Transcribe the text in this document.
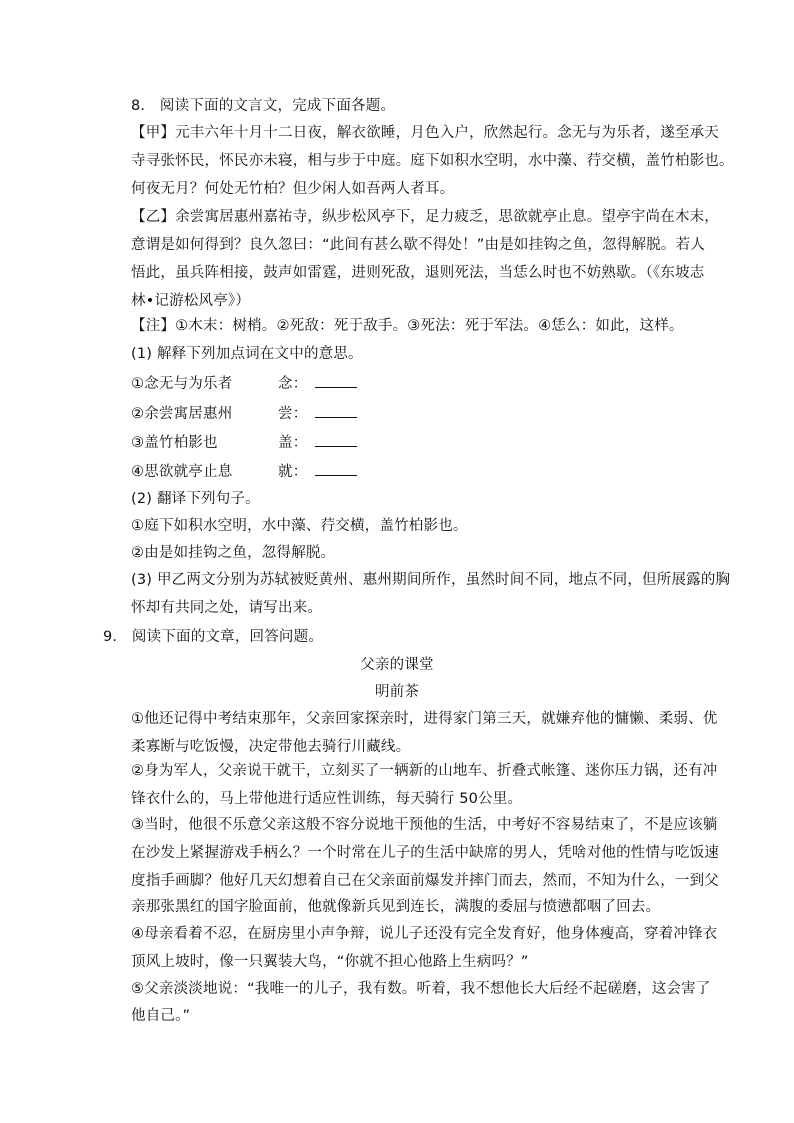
8.　阅读下面的文言文，完成下面各题。
【甲】元丰六年十月十二日夜，解衣欲睡，月色入户，欣然起行。念无与为乐者，遂至承天
寺寻张怀民，怀民亦未寝，相与步于中庭。庭下如积水空明，水中藻、荇交横，盖竹柏影也。
何夜无月？何处无竹柏？但少闲人如吾两人者耳。
【乙】余尝寓居惠州嘉祐寺，纵步松风亭下，足力疲乏，思欲就亭止息。望亭宇尚在木末，
意谓是如何得到？良久忽曰：“此间有甚么歇不得处！”由是如挂钩之鱼，忽得解脱。若人
悟此，虽兵阵相接，鼓声如雷霆，进则死敌，退则死法，当恁么时也不妨熟歇。（《东坡志
林•记游松风亭》）
【注】①木末：树梢。②死敌：死于敌手。③死法：死于军法。④恁么：如此，这样。
(1) 解释下列加点词在文中的意思。
①念无与为乐者	念：
②余尝寓居惠州	尝：
③盖竹柏影也	盖：
④思欲就亭止息	就：
(2) 翻译下列句子。
①庭下如积水空明，水中藻、荇交横，盖竹柏影也。
②由是如挂钩之鱼，忽得解脱。
(3) 甲乙两文分别为苏轼被贬黄州、惠州期间所作，虽然时间不同，地点不同，但所展露的胸
怀却有共同之处，请写出来。
9.　阅读下面的文章，回答问题。
父亲的课堂
明前茶
①他还记得中考结束那年，父亲回家探亲时，进得家门第三天，就嫌弃他的慵懒、柔弱、优
柔寡断与吃饭慢，决定带他去骑行川藏线。
②身为军人，父亲说干就干，立刻买了一辆新的山地车、折叠式帐篷、迷你压力锅，还有冲
锋衣什么的，马上带他进行适应性训练，每天骑行 50公里。
③当时，他很不乐意父亲这般不容分说地干预他的生活，中考好不容易结束了，不是应该躺
在沙发上紧握游戏手柄么？一个时常在儿子的生活中缺席的男人，凭啥对他的性情与吃饭速
度指手画脚？他好几天幻想着自己在父亲面前爆发并摔门而去，然而，不知为什么，一到父
亲那张黑红的国字脸面前，他就像新兵见到连长，满腹的委屈与愤懑都咽了回去。
④母亲看着不忍，在厨房里小声争辩，说儿子还没有完全发育好，他身体瘦高，穿着冲锋衣
顶风上坡时，像一只翼装大鸟，“你就不担心他路上生病吗？”
⑤父亲淡淡地说：“我唯一的儿子，我有数。听着，我不想他长大后经不起磋磨，这会害了
他自己。”
